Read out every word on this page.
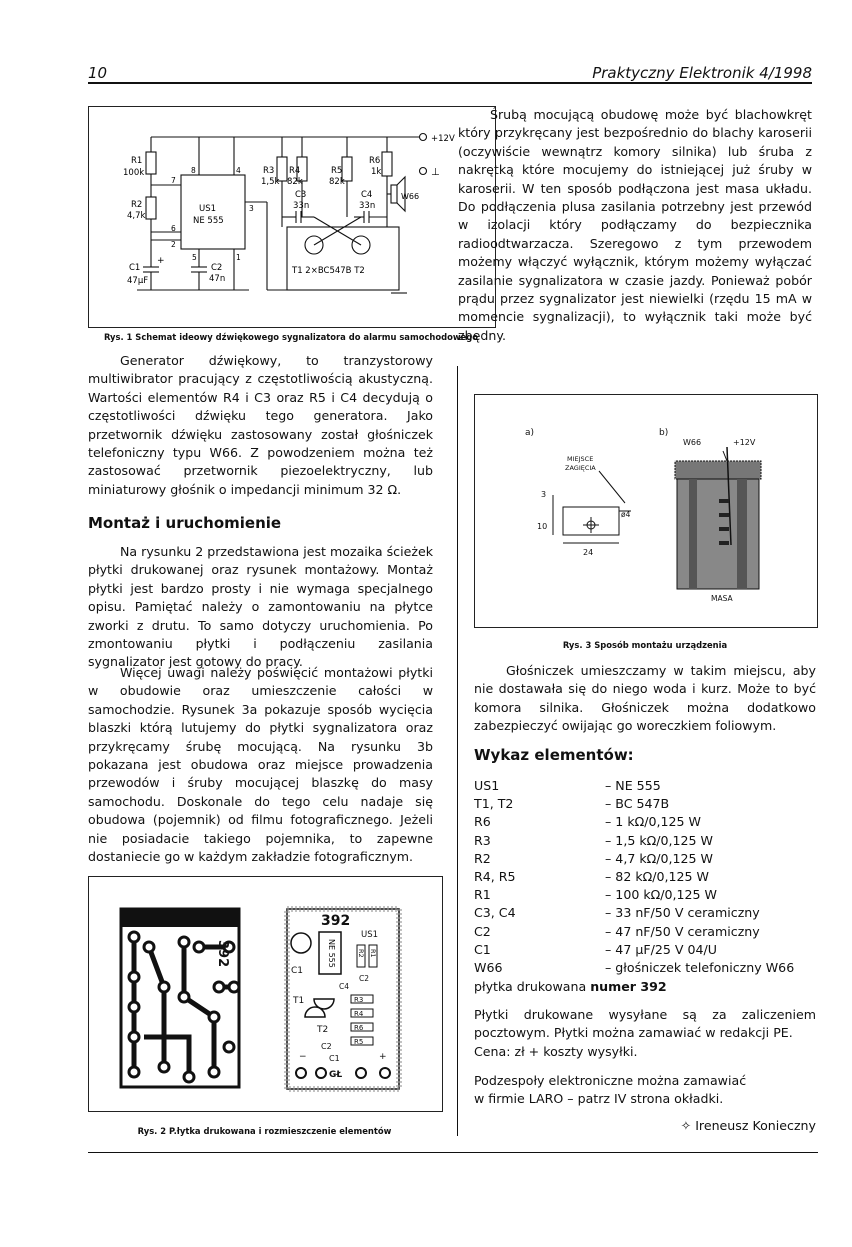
10	Praktyczny Elektronik 4/1998
+12V
⊥
R1
100k
R2
4,7k
C1
47µF
+
C2
47n
US1
NE 555
8	4
7
6
2
5
3
1
R3
1,5k
R4
82k
R5
82k
R6
1k
C3
33n
C4
33n
W66
T1 2×BC547B T2
Rys. 1 Schemat ideowy dźwiękowego sygnalizatora do alarmu samochodowego

Generator dźwiękowy, to tranzystorowy multiwibrator pracujący z częstotliwością akustyczną. Wartości elementów R4 i C3 oraz R5 i C4 decydują o częstotliwości dźwięku tego generatora. Jako przetwornik dźwięku zastosowany został głośniczek telefoniczny typu W66. Z powodzeniem można też zastosować przetwornik piezoelektryczny, lub miniaturowy głośnik o impedancji minimum 32 Ω.

Montaż i uruchomienie

Na rysunku 2 przedstawiona jest mozaika ścieżek płytki drukowanej oraz rysunek montażowy. Montaż płytki jest bardzo prosty i nie wymaga specjalnego opisu. Pamiętać należy o zamontowaniu na płytce zworki z drutu. To samo dotyczy uruchomienia. Po zmontowaniu płytki i podłączeniu zasilania sygnalizator jest gotowy do pracy.

Więcej uwagi należy poświęcić montażowi płytki w obudowie oraz umieszczenie całości w samochodzie. Rysunek 3a pokazuje sposób wycięcia blaszki którą lutujemy do płytki sygnalizatora oraz przykręcamy śrubę mocującą. Na rysunku 3b pokazana jest obudowa oraz miejsce prowadzenia przewodów i śruby mocującej blaszkę do masy samochodu. Doskonale do tego celu nadaje się obudowa (pojemnik) od filmu fotograficznego. Jeżeli nie posiadacie takiego pojemnika, to zapewne dostaniecie go w każdym zakładzie fotograficznym.

392
392
NE 555
US1
R2 R1
C1
C2
C4
T1
T2
R3
R4
R6
R5
C2
C1
−	+
GŁ
Rys. 2 P.łytka drukowana i rozmieszczenie elementów

Śrubą mocującą obudowę może być blachowkręt który przykręcany jest bezpośrednio do blachy karoserii (oczywiście wewnątrz komory silnika) lub śruba z nakrętką które mocujemy do istniejącej już śruby w karoserii. W ten sposób podłączona jest masa układu. Do podłączenia plusa zasilania potrzebny jest przewód w izolacji który podłączamy do bezpiecznika radioodtwarzacza. Szeregowo z tym przewodem możemy włączyć wyłącznik, którym możemy wyłączać zasilanie sygnalizatora w czasie jazdy. Ponieważ pobór prądu przez sygnalizator jest niewielki (rzędu 15 mA w momencie sygnalizacji), to wyłącznik taki może być zbędny.

a)	b)
MIEJSCE
ZAGIĘCIA
3
10
24
ø4
W66	+12V
MASA
Rys. 3 Sposób montażu urządzenia

Głośniczek umieszczamy w takim miejscu, aby nie dostawała się do niego woda i kurz. Może to być komora silnika. Głośniczek można dodatkowo zabezpieczyć owijając go woreczkiem foliowym.

Wykaz elementów:
US1	– NE 555
T1, T2	– BC 547B
R6	– 1 kΩ/0,125 W
R3	– 1,5 kΩ/0,125 W
R2	– 4,7 kΩ/0,125 W
R4, R5	– 82 kΩ/0,125 W
R1	– 100 kΩ/0,125 W
C3, C4	– 33 nF/50 V ceramiczny
C2	– 47 nF/50 V ceramiczny
C1	– 47 µF/25 V 04/U
W66	– głośniczek telefoniczny W66
płytka drukowana numer 392

Płytki drukowane wysyłane są za zaliczeniem pocztowym. Płytki można zamawiać w redakcji PE.

Cena: zł + koszty wysyłki.

Podzespoły elektroniczne można zamawiać w firmie LARO – patrz IV strona okładki.

✧ Ireneusz Konieczny
